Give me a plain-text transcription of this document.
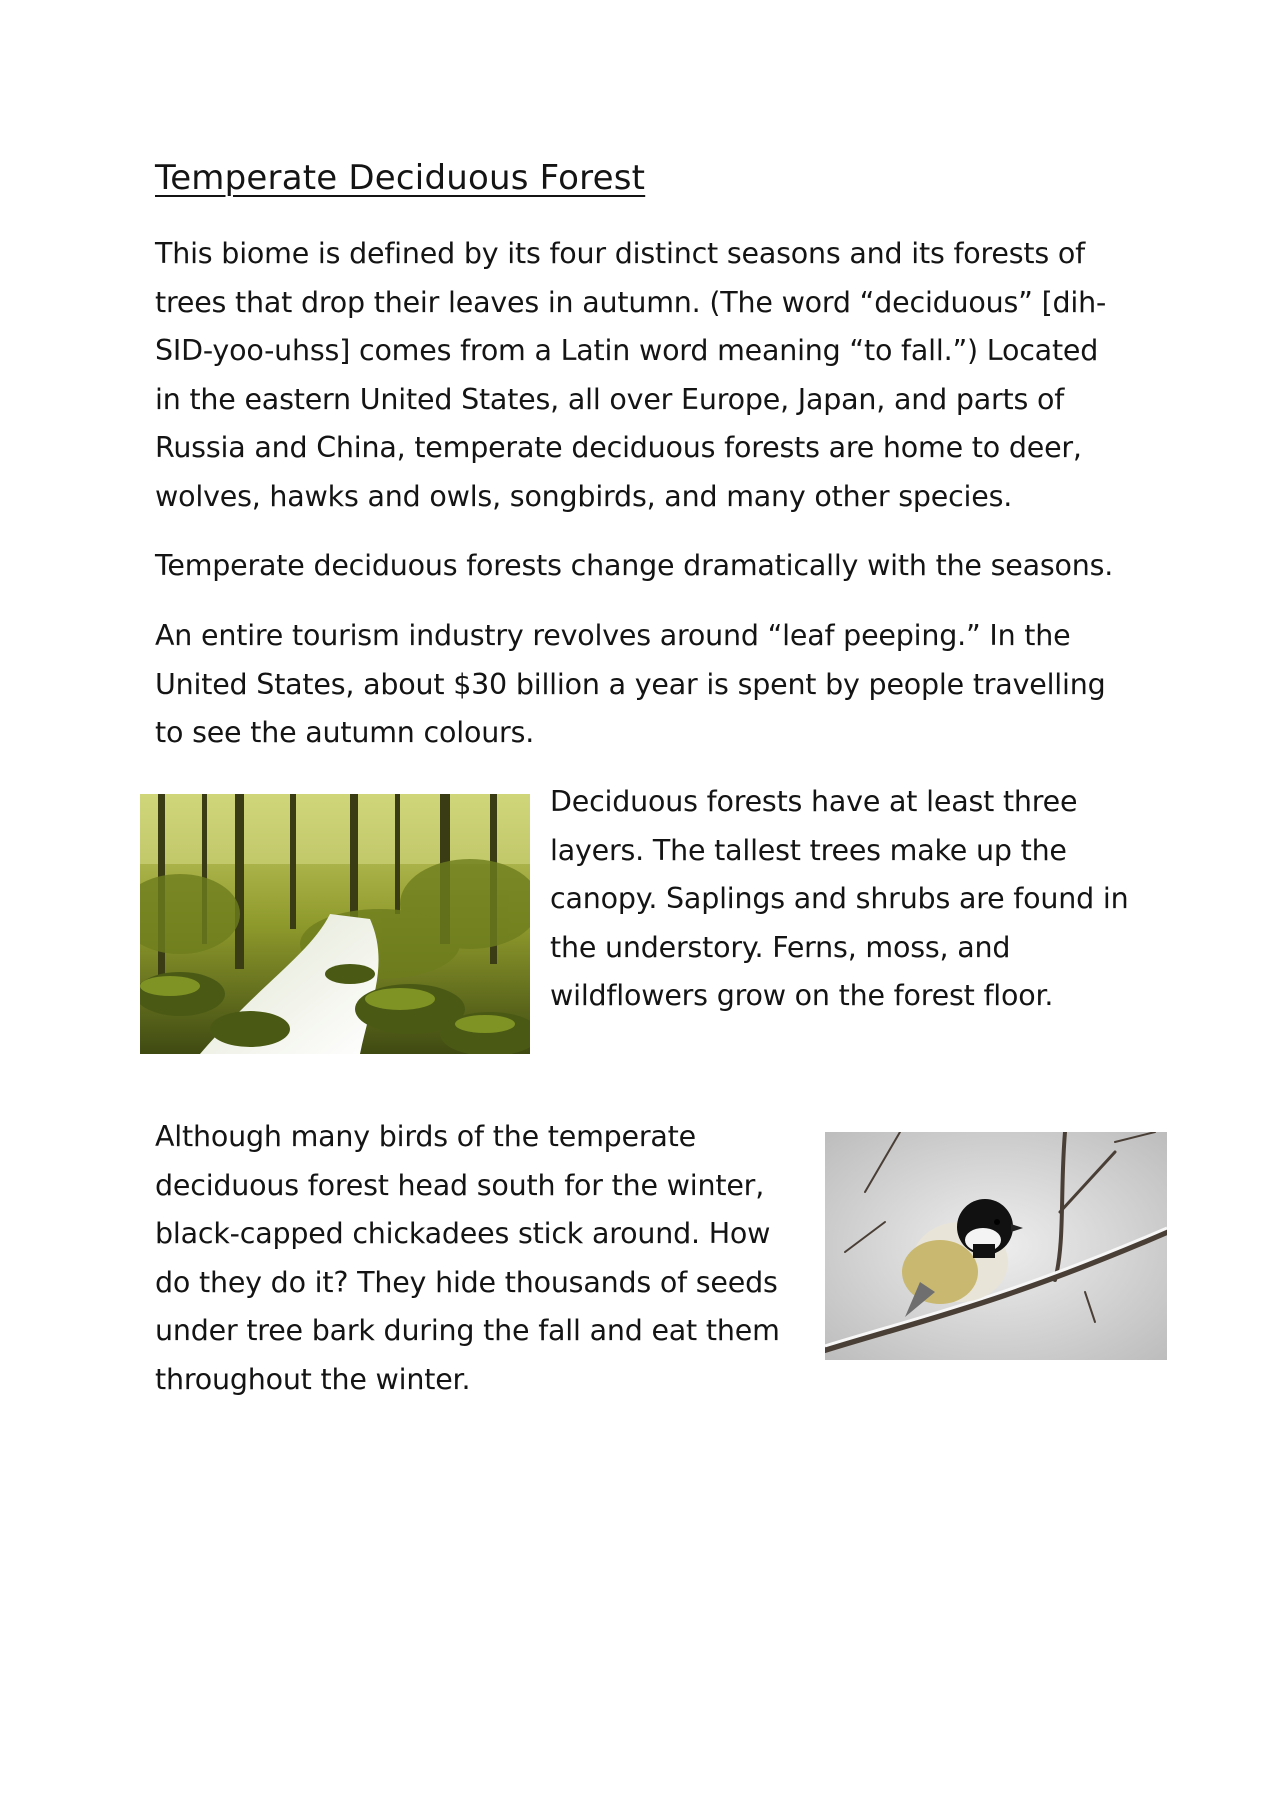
Temperate Deciduous Forest

This biome is defined by its four distinct seasons and its forests of trees that drop their leaves in autumn. (The word “deciduous” [dih-SID-yoo-uhss] comes from a Latin word meaning “to fall.”) Located in the eastern United States, all over Europe, Japan, and parts of Russia and China, temperate deciduous forests are home to deer, wolves, hawks and owls, songbirds, and many other species.

Temperate deciduous forests change dramatically with the seasons.

An entire tourism industry revolves around “leaf peeping.” In the United States, about $30 billion a year is spent by people travelling to see the autumn colours.

Deciduous forests have at least three layers. The tallest trees make up the canopy. Saplings and shrubs are found in the understory. Ferns, moss, and wildflowers grow on the forest floor.

Although many birds of the temperate deciduous forest head south for the winter, black-capped chickadees stick around. How do they do it? They hide thousands of seeds under tree bark during the fall and eat them throughout the winter.
